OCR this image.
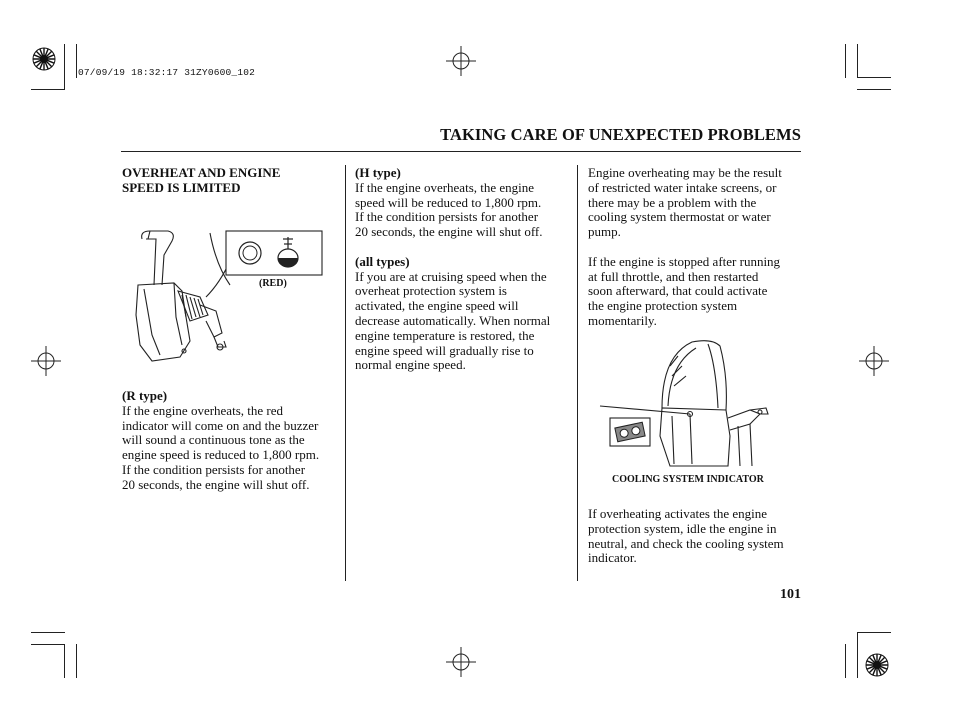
07/09/19 18:32:17 31ZY0600_102
TAKING CARE OF UNEXPECTED PROBLEMS

OVERHEAT AND ENGINE
SPEED IS LIMITED

(RED)

(R type)

If the engine overheats, the red
indicator will come on and the buzzer
will sound a continuous tone as the
engine speed is reduced to 1,800 rpm.
If the condition persists for another
20 seconds, the engine will shut off.

(H type)

If the engine overheats, the engine
speed will be reduced to 1,800 rpm.
If the condition persists for another
20 seconds, the engine will shut off.

(all types)

If you are at cruising speed when the
overheat protection system is
activated, the engine speed will
decrease automatically. When normal
engine temperature is restored, the
engine speed will gradually rise to
normal engine speed.

Engine overheating may be the result
of restricted water intake screens, or
there may be a problem with the
cooling system thermostat or water
pump.

If the engine is stopped after running
at full throttle, and then restarted
soon afterward, that could activate
the engine protection system
momentarily.

COOLING SYSTEM INDICATOR

If overheating activates the engine
protection system, idle the engine in
neutral, and check the cooling system
indicator.

101
